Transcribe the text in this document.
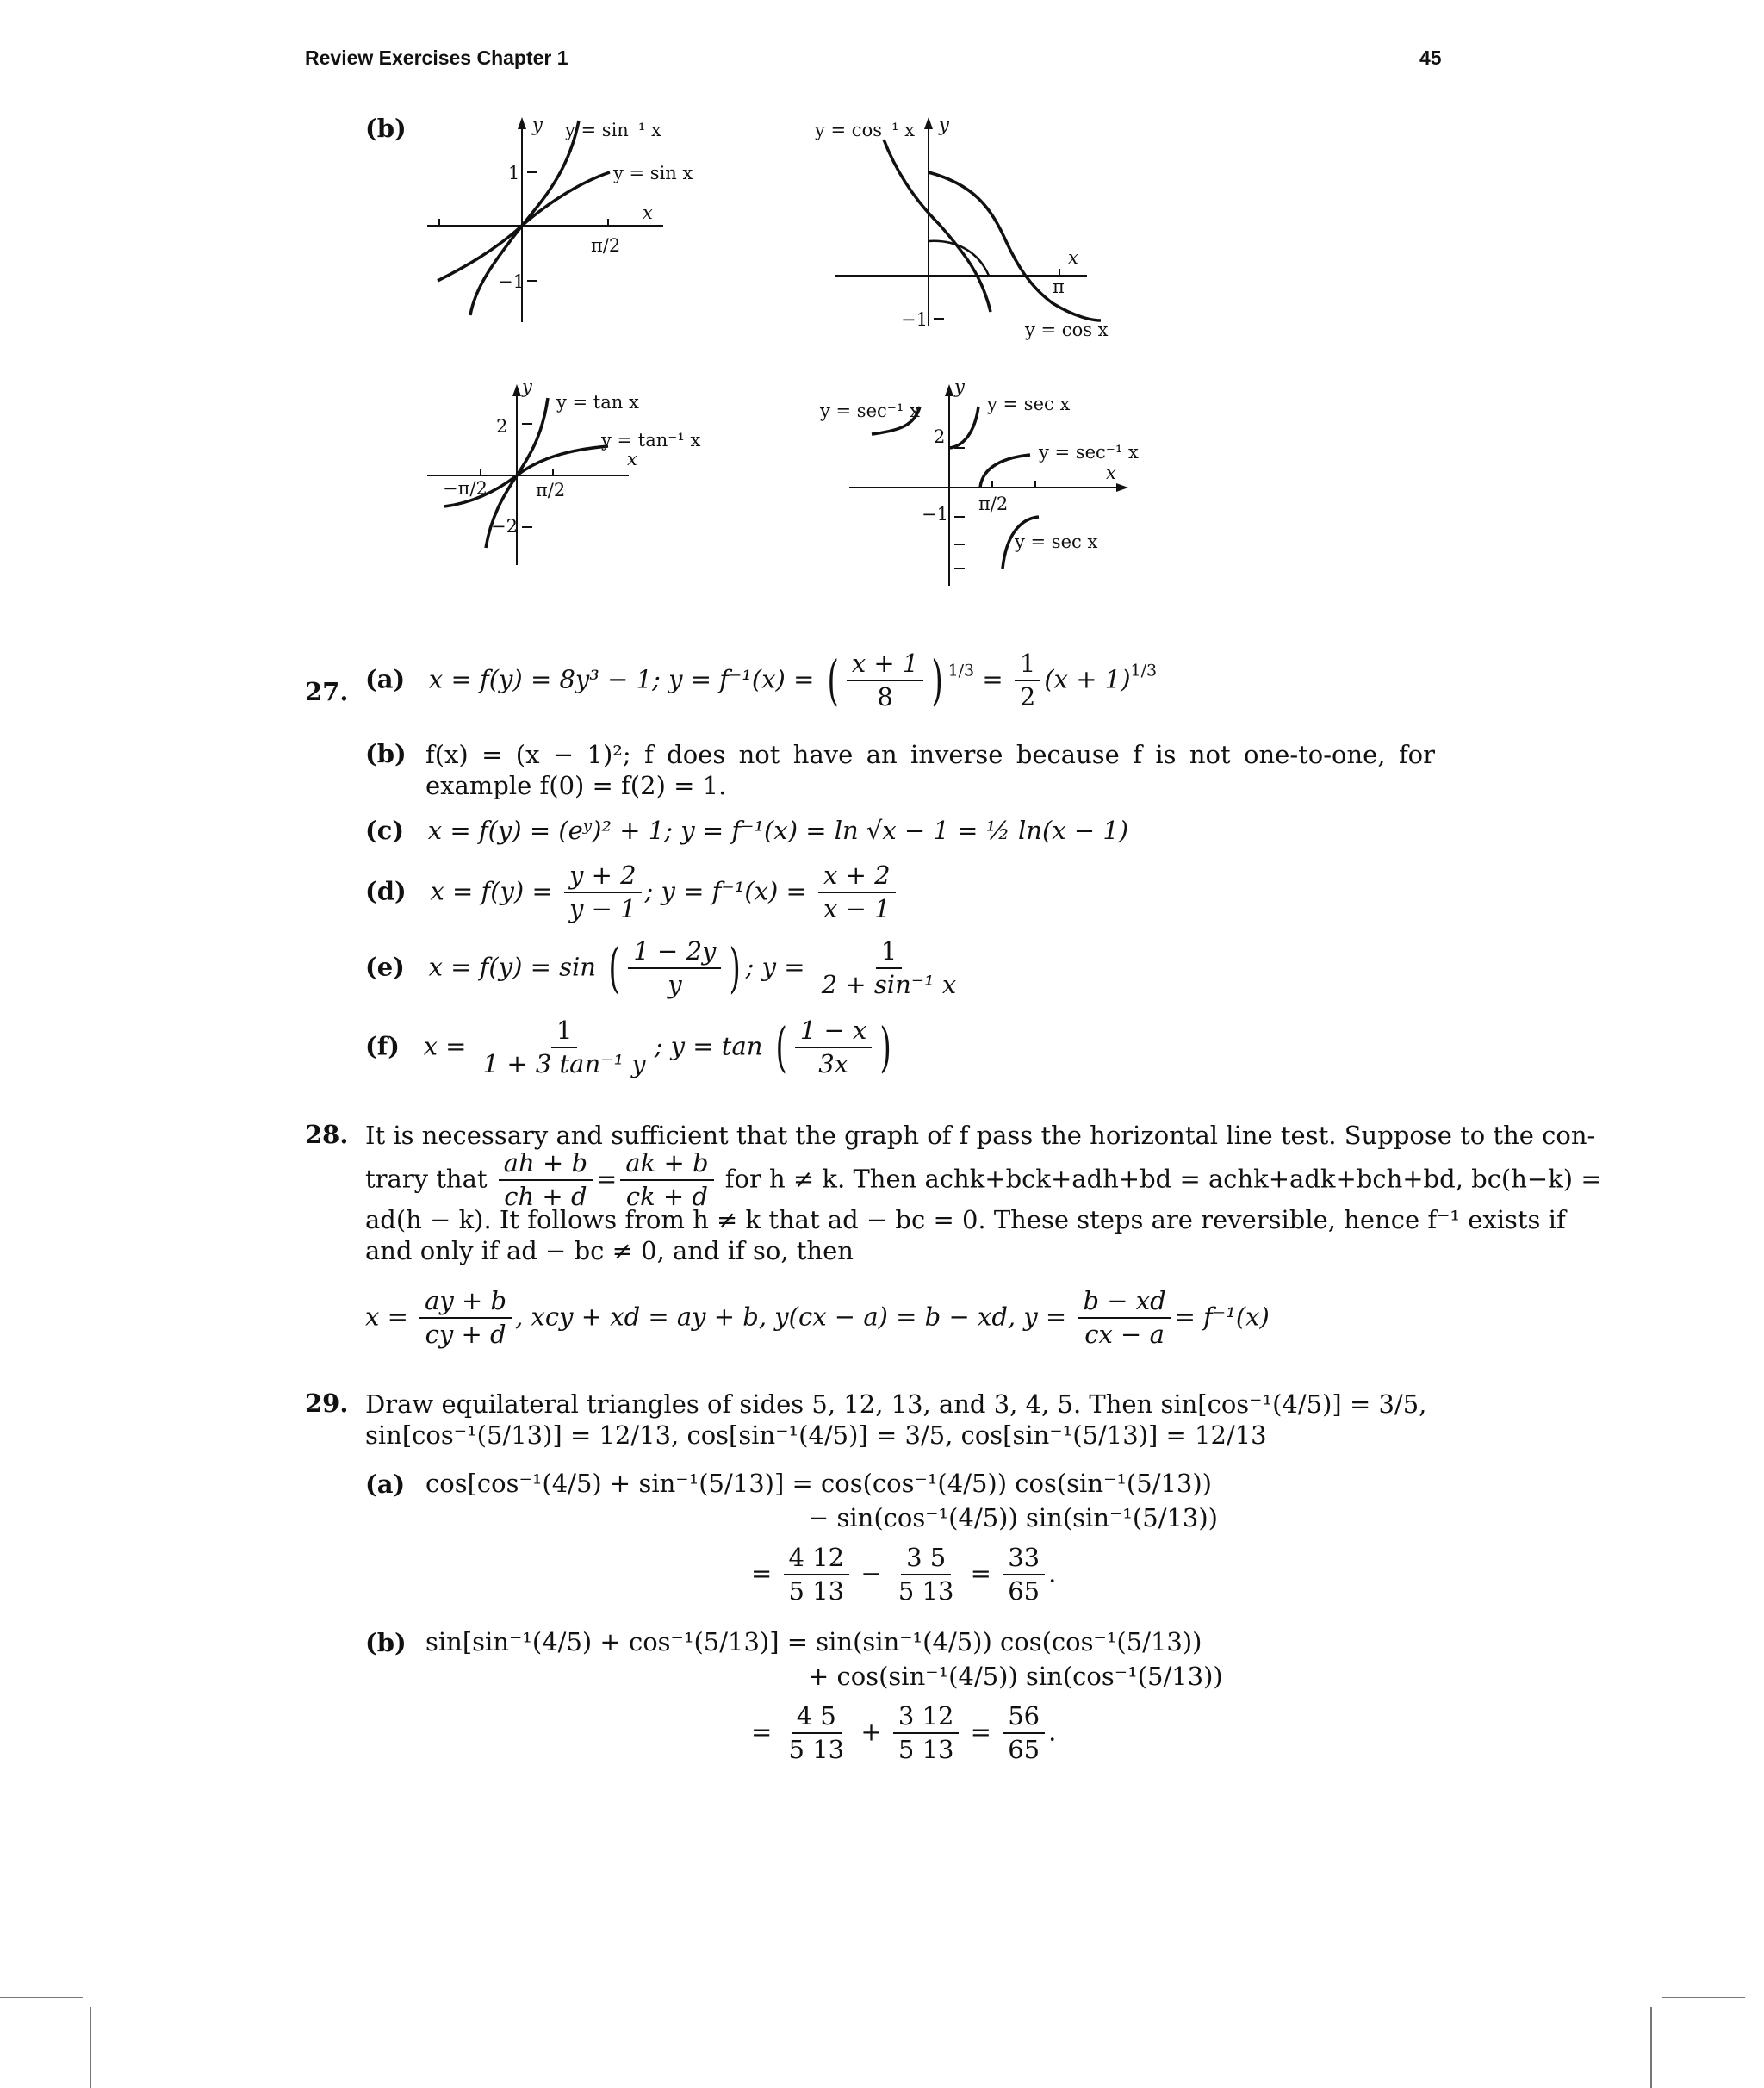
Review Exercises Chapter 1	45
(b)	y y = sin⁻¹ x
y = sin x
x
1
−1
π/2
y = cos⁻¹ x y
x
π
−1	y = cos x
y
y = tan x
y = tan⁻¹ x
x
2
−2
−π/2	π/2
y = sec⁻¹ x
y
y = sec x
y = sec⁻¹ x
x
2
−1 π/2
y = sec x
27. (a) x = f(y) = 8y³ − 1; y = f⁻¹(x) = ( $\frac{x + 1}{8}$ ) $^{1/3} = \frac{1}{2} (x + 1)^{1/3}$
(b) f(x) = (x − 1)²; f does not have an inverse because f is not one-to-one, for example f(0) = f(2) = 1.
(c) x = f(y) = (eʸ)² + 1; y = f⁻¹(x) = ln √x − 1 = ½ ln(x − 1)
(d) $x = f(y) = \frac{y + 2}{y - 1}$ ; $y = f^{-1}(x) = \frac{x + 2}{x - 1}$
(e) x = f(y) = sin ( $\frac{1 - 2y}{y}$ ) ; $y = \frac{1}{\text{2 + sin⁻¹ x}}$
(f) $x = \frac{1}{\text{1 + 3 tan⁻¹ y}}$ ; y = tan ( $\frac{1 - x}{3x}$ )
28. It is necessary and sufficient that the graph of f pass the horizontal line test. Suppose to the con-
trary that $\frac{ah + b}{ch + d} = \frac{ak + b}{ck + d}$ for h ≠ k. Then achk+bck+adh+bd = achk+adk+bch+bd, bc(h−k) =
ad(h − k). It follows from h ≠ k that ad − bc = 0. These steps are reversible, hence f⁻¹ exists if
and only if ad − bc ≠ 0, and if so, then
$x = \frac{ay + b}{cy + d}$ , xcy + xd = ay + b, y(cx − a) = b − xd, $y = \frac{b - xd}{cx - a} = f^{-1}(x)$
29. Draw equilateral triangles of sides 5, 12, 13, and 3, 4, 5. Then sin[cos⁻¹(4/5)] = 3/5,
sin[cos⁻¹(5/13)] = 12/13, cos[sin⁻¹(4/5)] = 3/5, cos[sin⁻¹(5/13)] = 12/13
(a) cos[cos⁻¹(4/5) + sin⁻¹(5/13)] = cos(cos⁻¹(4/5)) cos(sin⁻¹(5/13))
− sin(cos⁻¹(4/5)) sin(sin⁻¹(5/13))
= $\frac{4 12}{5 13} - \frac{3 5}{5 13} = \frac{33}{65}$ .
(b) sin[sin⁻¹(4/5) + cos⁻¹(5/13)] = sin(sin⁻¹(4/5)) cos(cos⁻¹(5/13))
+ cos(sin⁻¹(4/5)) sin(cos⁻¹(5/13))
= $\frac{4 5}{5 13} + \frac{3 12}{5 13} = \frac{56}{65}$ .
